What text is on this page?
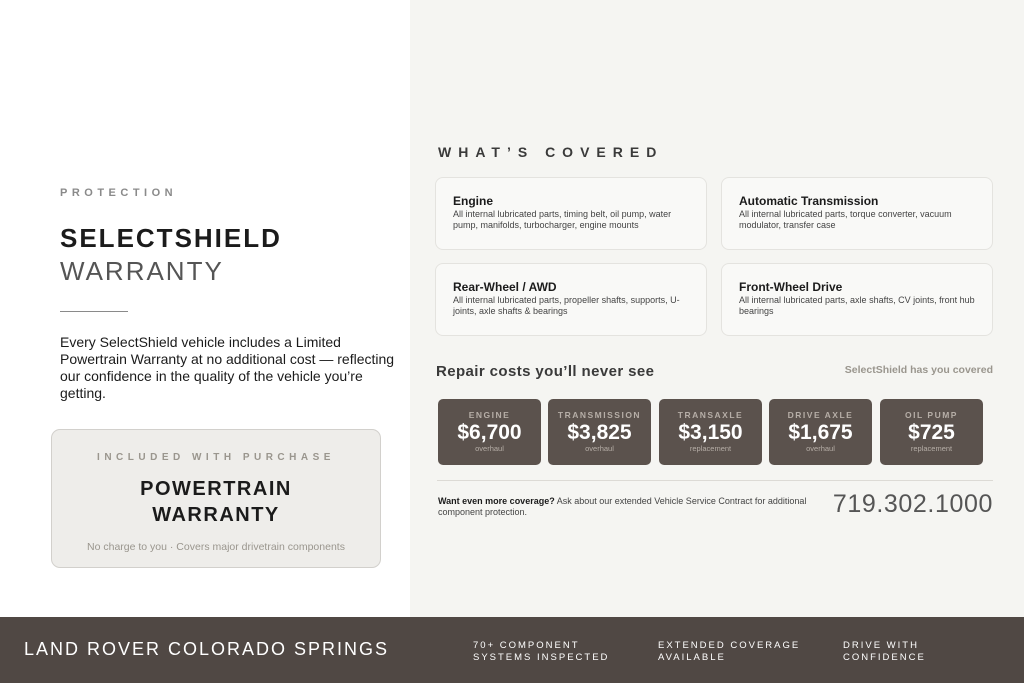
PROTECTION
SELECTSHIELD
WARRANTY
Every SelectShield vehicle includes a Limited Powertrain Warranty at no additional cost — reflecting our confidence in the quality of the vehicle you’re getting.
INCLUDED WITH PURCHASE
POWERTRAIN
WARRANTY
No charge to you · Covers major drivetrain components
WHAT’S COVERED
Engine
All internal lubricated parts, timing belt, oil pump, water pump, manifolds, turbocharger, engine mounts
Automatic Transmission
All internal lubricated parts, torque converter, vacuum modulator, transfer case
Rear-Wheel / AWD
All internal lubricated parts, propeller shafts, supports, U-joints, axle shafts & bearings
Front-Wheel Drive
All internal lubricated parts, axle shafts, CV joints, front hub bearings
Repair costs you’ll never see	SelectShield has you covered
ENGINE
$6,700
overhaul
TRANSMISSION
$3,825
overhaul
TRANSAXLE
$3,150
replacement
DRIVE AXLE
$1,675
overhaul
OIL PUMP
$725
replacement
Want even more coverage? Ask about our extended Vehicle Service Contract for additional component protection.	719.302.1000
LAND ROVER COLORADO SPRINGS	70+ COMPONENT
SYSTEMS INSPECTED
EXTENDED COVERAGE
AVAILABLE
DRIVE WITH
CONFIDENCE
